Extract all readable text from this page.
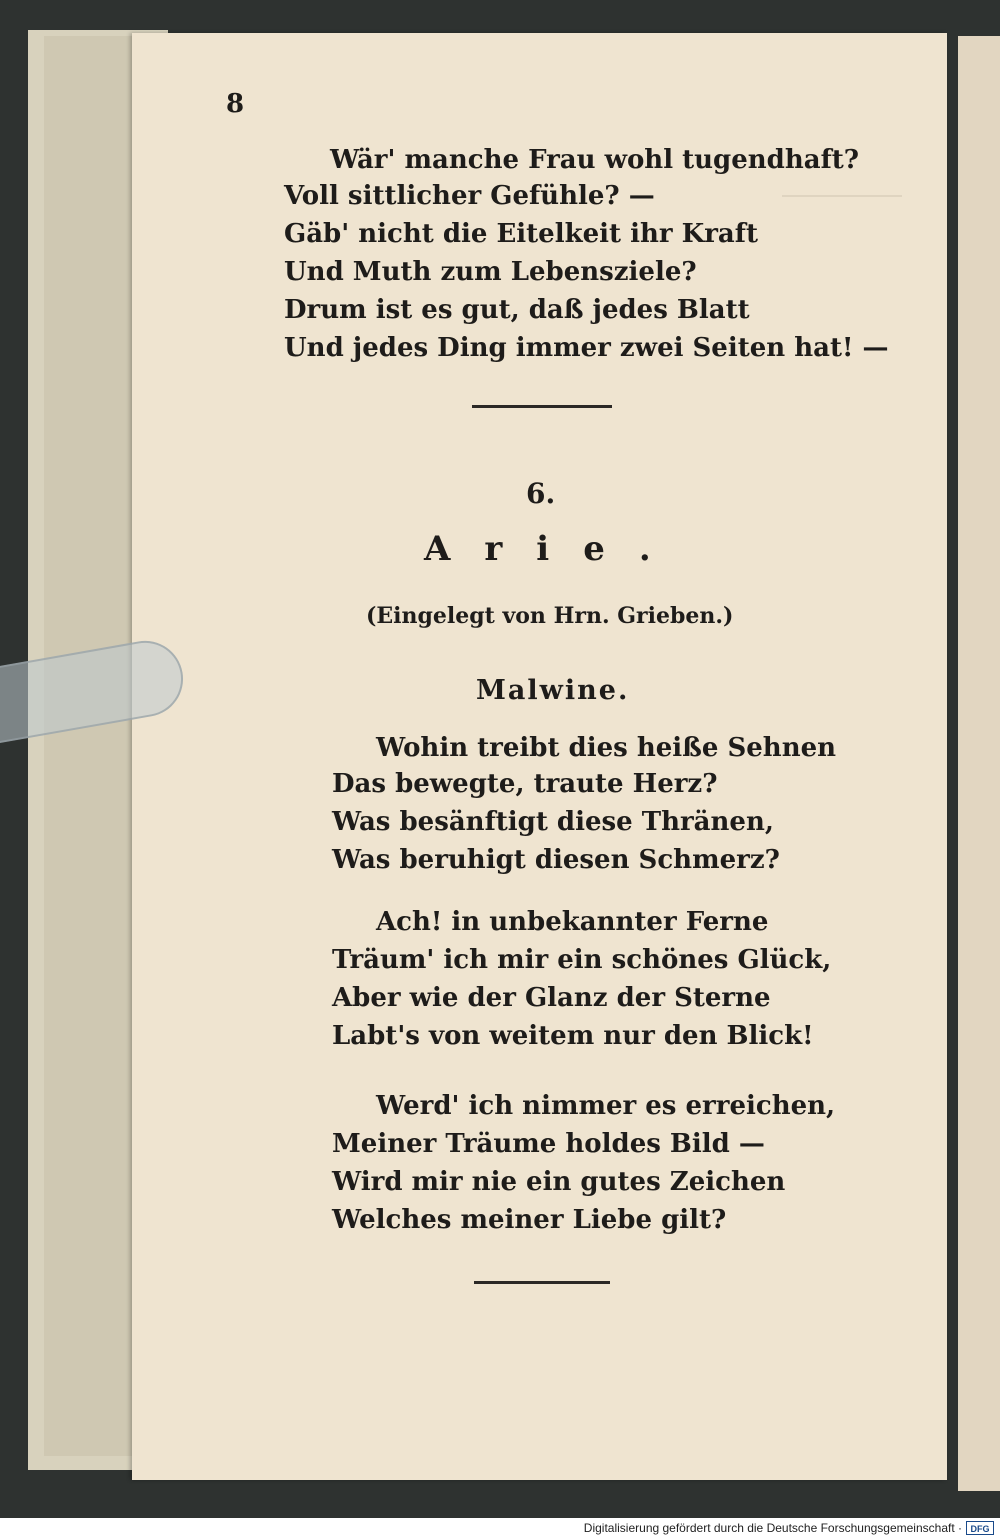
8
Wär' manche Frau wohl tugendhaft?
Voll sittlicher Gefühle? —
Gäb' nicht die Eitelkeit ihr Kraft
Und Muth zum Lebensziele?
Drum ist es gut, daß jedes Blatt
Und jedes Ding immer zwei Seiten hat! —
6.
Arie.
(Eingelegt von Hrn. Grieben.)
Malwine.
Wohin treibt dies heiße Sehnen
Das bewegte, traute Herz?
Was besänftigt diese Thränen,
Was beruhigt diesen Schmerz?
Ach! in unbekannter Ferne
Träum' ich mir ein schönes Glück,
Aber wie der Glanz der Sterne
Labt's von weitem nur den Blick!
Werd' ich nimmer es erreichen,
Meiner Träume holdes Bild —
Wird mir nie ein gutes Zeichen
Welches meiner Liebe gilt?
Digitalisierung gefördert durch die Deutsche Forschungsgemeinschaft · DFG
